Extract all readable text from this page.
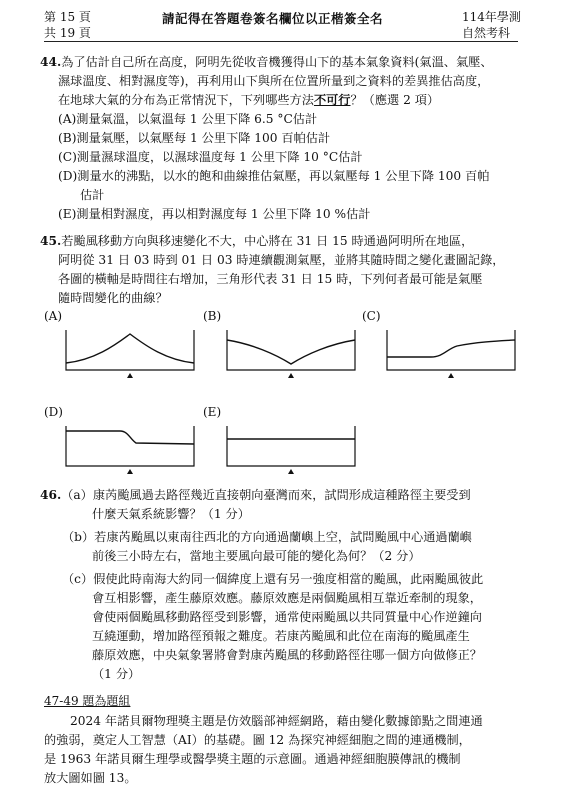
第 15 頁
共 19 頁
請記得在答題卷簽名欄位以正楷簽全名	114年學測
自然考科
44.為了估計自己所在高度，阿明先從收音機獲得山下的基本氣象資料(氣溫、氣壓、
濕球溫度、相對濕度等)，再利用山下與所在位置所量到之資料的差異推估高度，
在地球大氣的分布為正常情況下，下列哪些方法不可行？（應選 2 項）
(A)測量氣溫，以氣溫每 1 公里下降 6.5 °C估計
(B)測量氣壓，以氣壓每 1 公里下降 100 百帕估計
(C)測量濕球溫度，以濕球溫度每 1 公里下降 10 °C估計
(D)測量水的沸點，以水的飽和曲線推估氣壓，再以氣壓每 1 公里下降 100 百帕
估計
(E)測量相對濕度，再以相對濕度每 1 公里下降 10 %估計
45.若颱風移動方向與移速變化不大，中心將在 31 日 15 時通過阿明所在地區，
阿明從 31 日 03 時到 01 日 03 時連續觀測氣壓，並將其隨時間之變化畫圖記錄，
各圖的橫軸是時間往右增加，三角形代表 31 日 15 時，下列何者最可能是氣壓
隨時間變化的曲線？
(A)	(B)	(C)
(D)	(E)
46.（a）康芮颱風過去路徑幾近直接朝向臺灣而來，試問形成這種路徑主要受到
什麼天氣系統影響？（1 分）
（b）若康芮颱風以東南往西北的方向通過蘭嶼上空，試問颱風中心通過蘭嶼
前後三小時左右，當地主要風向最可能的變化為何？（2 分）
（c）假使此時南海大約同一個緯度上還有另一強度相當的颱風，此兩颱風彼此
會互相影響，產生藤原效應。藤原效應是兩個颱風相互靠近牽制的現象，
會使兩個颱風移動路徑受到影響，通常使兩颱風以共同質量中心作逆鐘向
互繞運動，增加路徑預報之難度。若康芮颱風和此位在南海的颱風產生
藤原效應，中央氣象署將會對康芮颱風的移動路徑往哪一個方向做修正？
（1 分）
47-49 題為題組
2024 年諾貝爾物理獎主題是仿效腦部神經網路，藉由變化數據節點之間連通
的強弱，奠定人工智慧（AI）的基礎。圖 12 為探究神經細胞之間的連通機制，
是 1963 年諾貝爾生理學或醫學獎主題的示意圖。通過神經細胞膜傳訊的機制
放大圖如圖 13。
